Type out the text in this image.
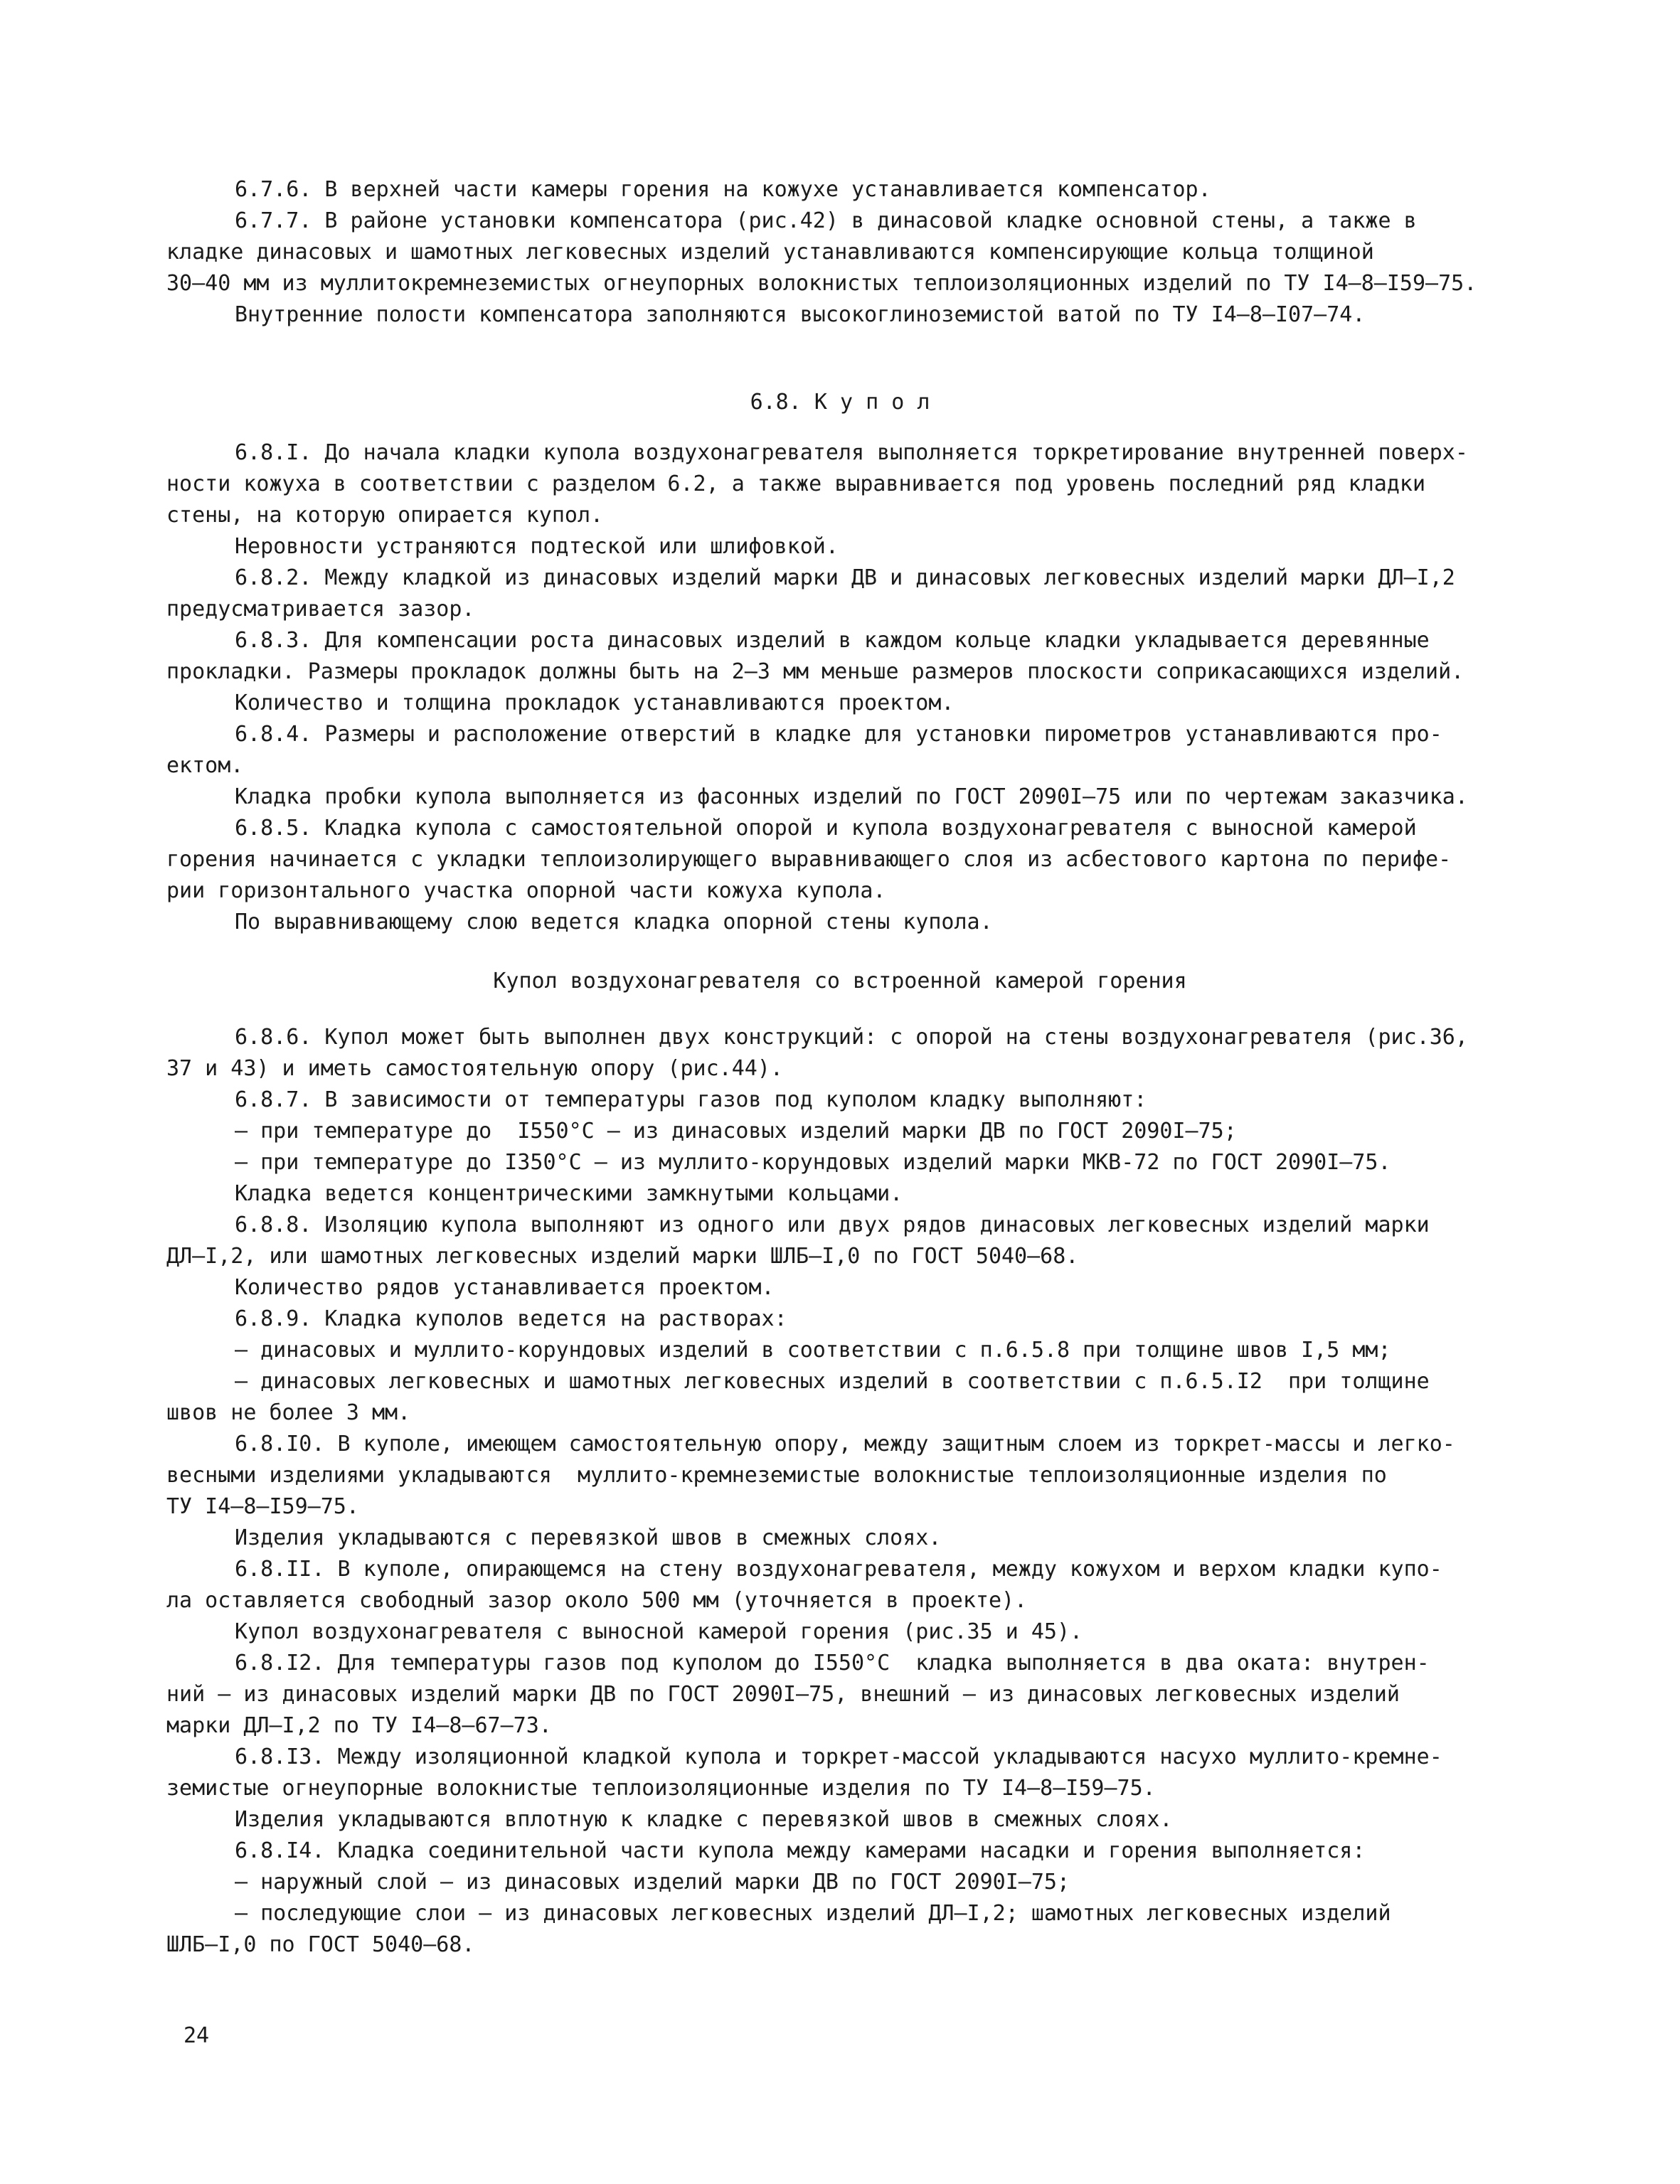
6.7.6. В верхней части камеры горения на кожухе устанавливается компенсатор.
6.7.7. В районе установки компенсатора (рис.42) в динасовой кладке основной стены, а также в
кладке динасовых и шамотных легковесных изделий устанавливаются компенсирующие кольца толщиной
30–40 мм из муллитокремнеземистых огнеупорных волокнистых теплоизоляционных изделий по ТУ I4–8–I59–75.
Внутренние полости компенсатора заполняются высокоглиноземистой ватой по ТУ I4–8–I07–74.
6.8. К у п о л
6.8.I. До начала кладки купола воздухонагревателя выполняется торкретирование внутренней поверх-
ности кожуха в соответствии с разделом 6.2, а также выравнивается под уровень последний ряд кладки
стены, на которую опирается купол.
Неровности устраняются подтеской или шлифовкой.
6.8.2. Между кладкой из динасовых изделий марки ДВ и динасовых легковесных изделий марки ДЛ–I,2
предусматривается зазор.
6.8.3. Для компенсации роста динасовых изделий в каждом кольце кладки укладывается деревянные
прокладки. Размеры прокладок должны быть на 2–3 мм меньше размеров плоскости соприкасающихся изделий.
Количество и толщина прокладок устанавливаются проектом.
6.8.4. Размеры и расположение отверстий в кладке для установки пирометров устанавливаются про-
ектом.
Кладка пробки купола выполняется из фасонных изделий по ГОСТ 2090I–75 или по чертежам заказчика.
6.8.5. Кладка купола с самостоятельной опорой и купола воздухонагревателя с выносной камерой
горения начинается с укладки теплоизолирующего выравнивающего слоя из асбестового картона по перифе-
рии горизонтального участка опорной части кожуха купола.
По выравнивающему слою ведется кладка опорной стены купола.
Купол воздухонагревателя со встроенной камерой горения
6.8.6. Купол может быть выполнен двух конструкций: с опорой на стены воздухонагревателя (рис.36,
37 и 43) и иметь самостоятельную опору (рис.44).
6.8.7. В зависимости от температуры газов под куполом кладку выполняют:
– при температуре до  I550°С – из динасовых изделий марки ДВ по ГОСТ 2090I–75;
– при температуре до I350°С – из муллито-корундовых изделий марки МКВ-72 по ГОСТ 2090I–75.
Кладка ведется концентрическими замкнутыми кольцами.
6.8.8. Изоляцию купола выполняют из одного или двух рядов динасовых легковесных изделий марки
ДЛ–I,2, или шамотных легковесных изделий марки ШЛБ–I,0 по ГОСТ 5040–68.
Количество рядов устанавливается проектом.
6.8.9. Кладка куполов ведется на растворах:
– динасовых и муллито-корундовых изделий в соответствии с п.6.5.8 при толщине швов I,5 мм;
– динасовых легковесных и шамотных легковесных изделий в соответствии с п.6.5.I2  при толщине
швов не более 3 мм.
6.8.I0. В куполе, имеющем самостоятельную опору, между защитным слоем из торкрет-массы и легко-
весными изделиями укладываются  муллито-кремнеземистые волокнистые теплоизоляционные изделия по
ТУ I4–8–I59–75.
Изделия укладываются с перевязкой швов в смежных слоях.
6.8.II. В куполе, опирающемся на стену воздухонагревателя, между кожухом и верхом кладки купо-
ла оставляется свободный зазор около 500 мм (уточняется в проекте).
Купол воздухонагревателя с выносной камерой горения (рис.35 и 45).
6.8.I2. Для температуры газов под куполом до I550°С  кладка выполняется в два оката: внутрен-
ний – из динасовых изделий марки ДВ по ГОСТ 2090I–75, внешний – из динасовых легковесных изделий
марки ДЛ–I,2 по ТУ I4–8–67–73.
6.8.I3. Между изоляционной кладкой купола и торкрет-массой укладываются насухо муллито-кремне-
земистые огнеупорные волокнистые теплоизоляционные изделия по ТУ I4–8–I59–75.
Изделия укладываются вплотную к кладке с перевязкой швов в смежных слоях.
6.8.I4. Кладка соединительной части купола между камерами насадки и горения выполняется:
– наружный слой – из динасовых изделий марки ДВ по ГОСТ 2090I–75;
– последующие слои – из динасовых легковесных изделий ДЛ–I,2; шамотных легковесных изделий
ШЛБ–I,0 по ГОСТ 5040–68.
24
